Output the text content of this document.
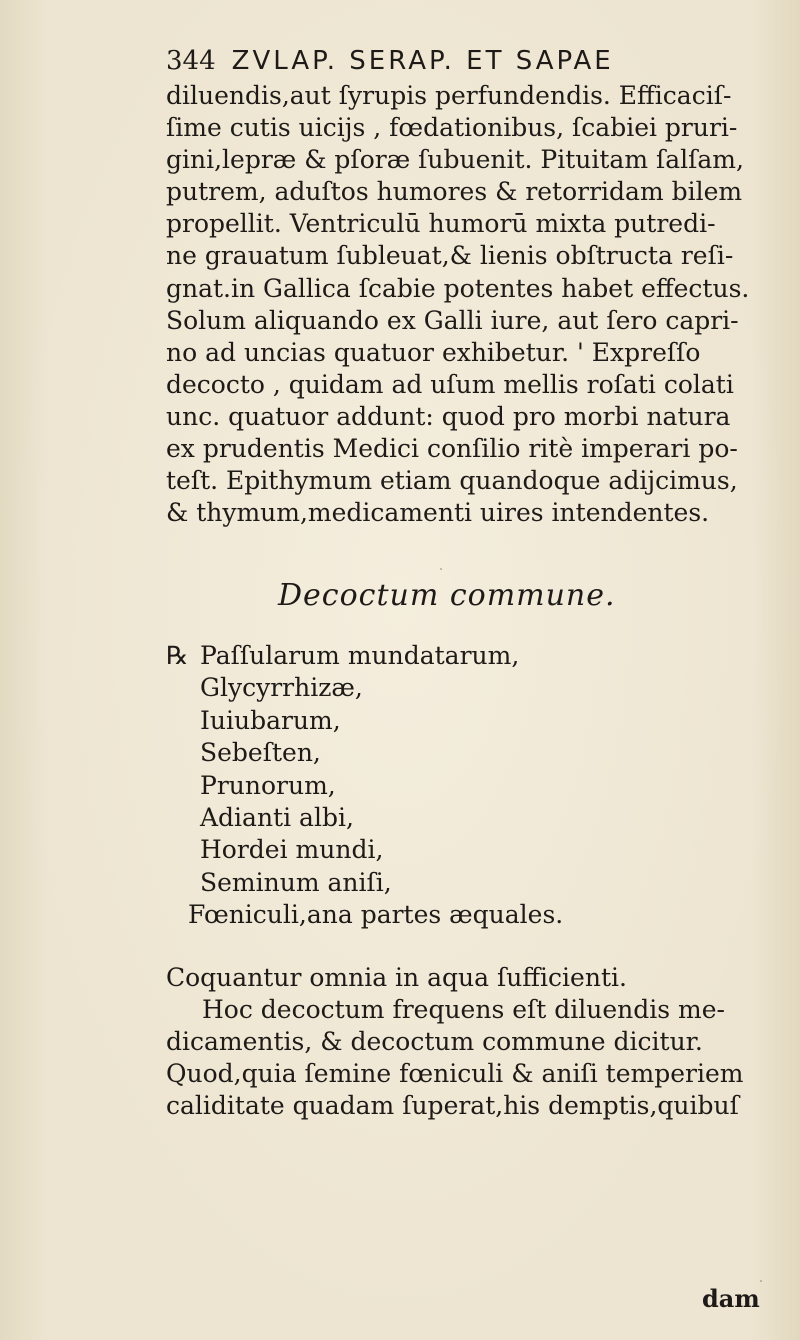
344 ZVLAP. SERAP. ET SAPAE
diluendis,aut ſyrupis perfundendis. Efficaciſ-
ſime cutis uicijs , fœdationibus, ſcabiei pruri-
gini,lepræ & pſoræ ſubuenit. Pituitam ſalſam,
putrem, aduſtos humores & retorridam bilem
propellit. Ventriculū humorū mixta putredi-
ne grauatum ſubleuat,& lienis obſtructa reſi-
gnat.in Gallica ſcabie potentes habet effectus.
Solum aliquando ex Galli iure, aut ſero capri-
no ad uncias quatuor exhibetur. ' Expreſſo
decocto , quidam ad uſum mellis roſati colati
unc. quatuor addunt: quod pro morbi natura
ex prudentis Medici conſilio ritè imperari po-
teſt. Epithymum etiam quandoque adijcimus,
& thymum,medicamenti uires intendentes.
Decoctum commune.
℞ Paſſularum mundatarum,
Glycyrrhizæ,
Iuiubarum,
Sebeſten,
Prunorum,
Adianti albi,
Hordei mundi,
Seminum aniſi,
Fœniculi,ana partes æquales.
Coquantur omnia in aqua ſufficienti.
Hoc decoctum frequens eſt diluendis me-
dicamentis, & decoctum commune dicitur.
Quod,quia ſemine fœniculi & aniſi temperiem
caliditate quadam ſuperat,his demptis,quibuſ
dam
